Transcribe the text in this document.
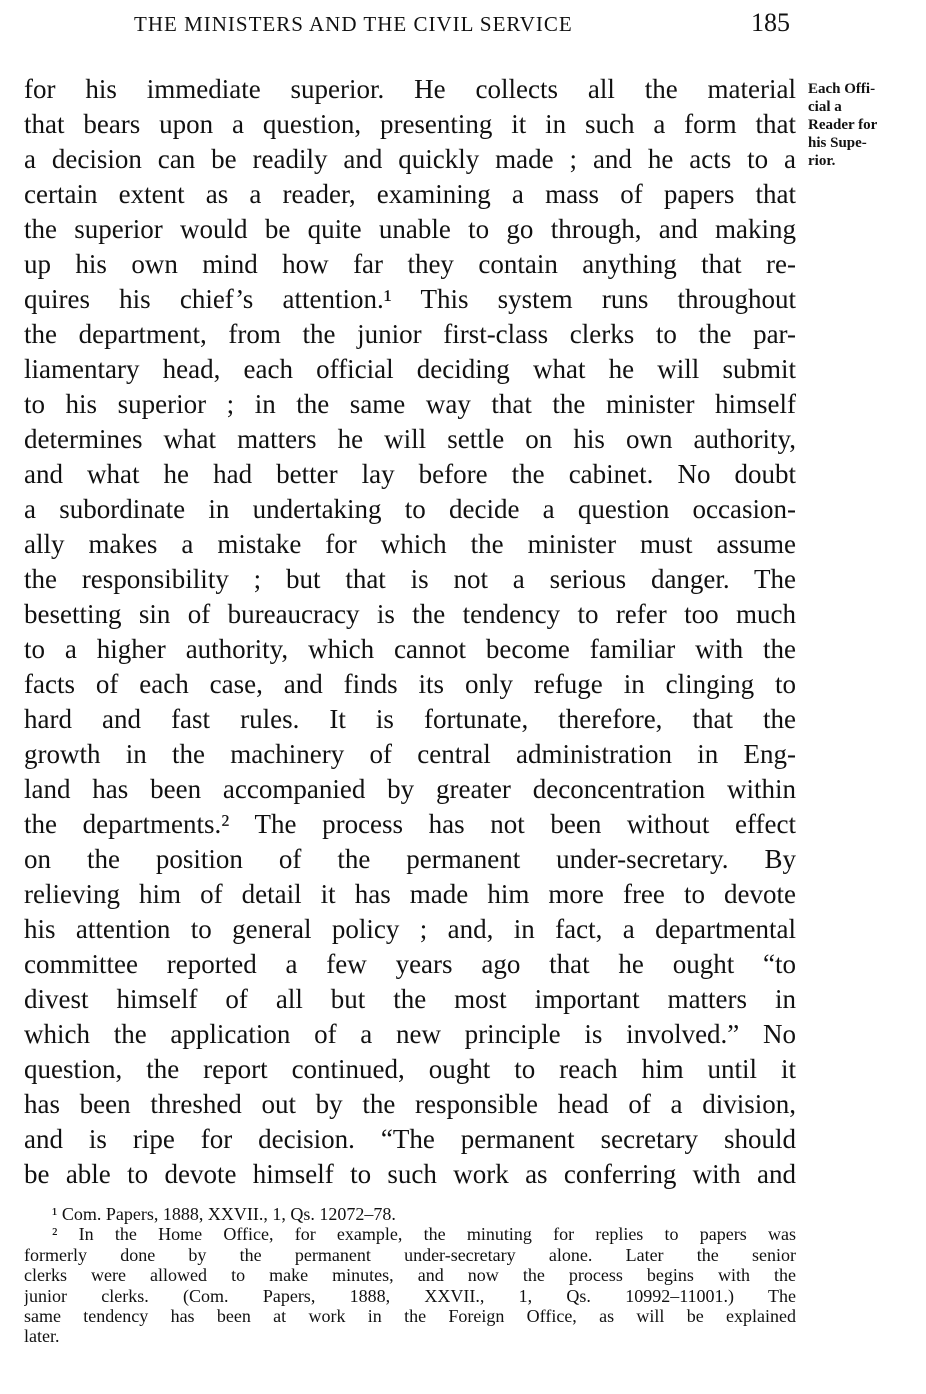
THE MINISTERS AND THE CIVIL SERVICE	185
for his immediate superior. He collects all the material
that bears upon a question, presenting it in such a form that
a decision can be readily and quickly made ; and he acts to a
certain extent as a reader, examining a mass of papers that
the superior would be quite unable to go through, and making
up his own mind how far they contain anything that re-
quires his chief’s attention.¹ This system runs throughout
the department, from the junior first-class clerks to the par-
liamentary head, each official deciding what he will submit
to his superior ; in the same way that the minister himself
determines what matters he will settle on his own authority,
and what he had better lay before the cabinet. No doubt
a subordinate in undertaking to decide a question occasion-
ally makes a mistake for which the minister must assume
the responsibility ; but that is not a serious danger. The
besetting sin of bureaucracy is the tendency to refer too much
to a higher authority, which cannot become familiar with the
facts of each case, and finds its only refuge in clinging to
hard and fast rules. It is fortunate, therefore, that the
growth in the machinery of central administration in Eng-
land has been accompanied by greater deconcentration within
the departments.² The process has not been without effect
on the position of the permanent under-secretary. By
relieving him of detail it has made him more free to devote
his attention to general policy ; and, in fact, a departmental
committee reported a few years ago that he ought “to
divest himself of all but the most important matters in
which the application of a new principle is involved.” No
question, the report continued, ought to reach him until it
has been threshed out by the responsible head of a division,
and is ripe for decision. “The permanent secretary should
be able to devote himself to such work as conferring with and
Each Offi-
cial a
Reader for
his Supe-
rior.
¹ Com. Papers, 1888, XXVII., 1, Qs. 12072–78.
² In the Home Office, for example, the minuting for replies to papers was
formerly done by the permanent under-secretary alone. Later the senior
clerks were allowed to make minutes, and now the process begins with the
junior clerks. (Com. Papers, 1888, XXVII., 1, Qs. 10992–11001.) The
same tendency has been at work in the Foreign Office, as will be explained
later.
